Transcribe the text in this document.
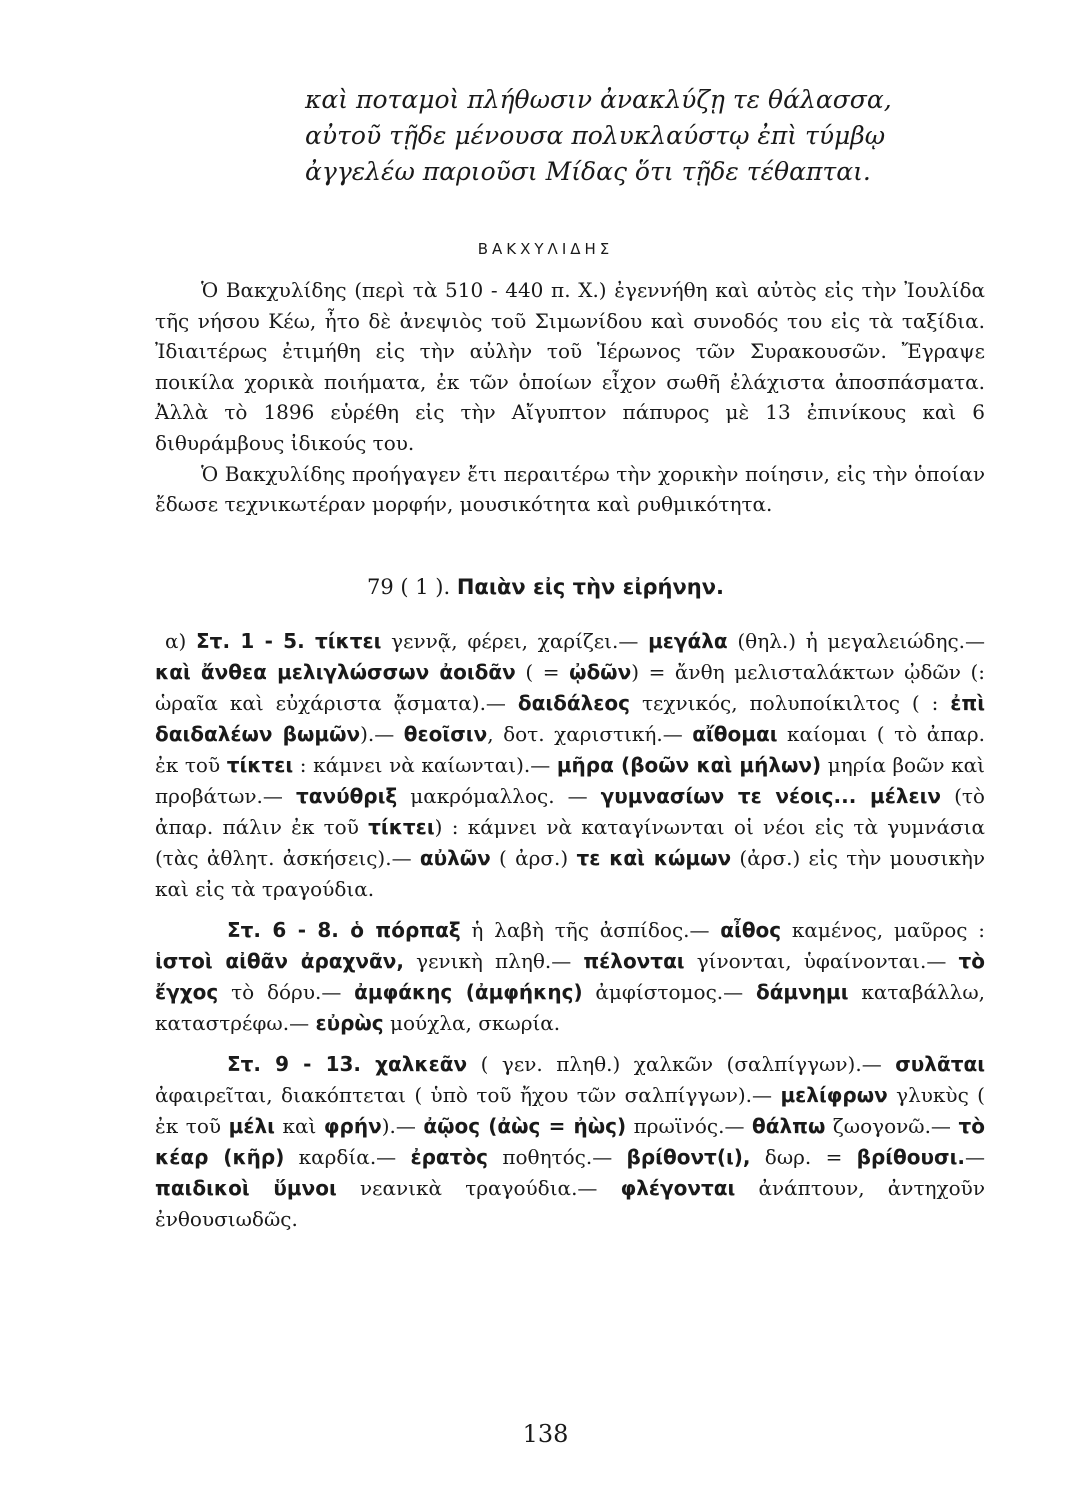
καὶ ποταμοὶ πλήθωσιν ἀνακλύζῃ τε θάλασσα,
αὐτοῦ τῇδε μένουσα πολυκλαύστῳ ἐπὶ τύμβῳ
ἀγγελέω παριοῦσι Μίδας ὅτι τῇδε τέθαπται.
ΒΑΚΧΥΛΙΔΗΣ

Ὁ Βακχυλίδης (περὶ τὰ 510 - 440 π. Χ.) ἐγεννήθη καὶ αὐτὸς εἰς τὴν Ἰουλίδα τῆς νήσου Κέω, ἦτο δὲ ἀνεψιὸς τοῦ Σιμωνίδου καὶ συνοδός του εἰς τὰ ταξίδια. Ἰδιαιτέρως ἐτιμήθη εἰς τὴν αὐλὴν τοῦ Ἱέρωνος τῶν Συρακουσῶν. Ἔγραψε ποικίλα χορικὰ ποιήματα, ἐκ τῶν ὁποίων εἶχον σωθῆ ἐλάχιστα ἀποσπάσματα. Ἀλλὰ τὸ 1896 εὑρέθη εἰς τὴν Αἴγυπτον πάπυρος μὲ 13 ἐπινίκους καὶ 6 διθυράμβους ἰδικούς του.

Ὁ Βακχυλίδης προήγαγεν ἔτι περαιτέρω τὴν χορικὴν ποίησιν, εἰς τὴν ὁποίαν ἔδωσε τεχνικωτέραν μορφήν, μουσικότητα καὶ ρυθμικότητα.

79 ( 1 ). Παιὰν εἰς τὴν εἰρήνην.

α) Στ. 1 - 5. τίκτει γεννᾷ, φέρει, χαρίζει.— μεγάλα (θηλ.) ἡ μεγαλειώδης.— καὶ ἄνθεα μελιγλώσσων ἀοιδᾶν ( = ᾠδῶν) = ἄνθη μελισταλάκτων ᾠδῶν (: ὡραῖα καὶ εὐχάριστα ᾄσματα).— δαιδάλεος τεχνικός, πολυποίκιλτος ( : ἐπὶ δαιδαλέων βωμῶν).— θεοῖσιν, δοτ. χαριστική.— αἴθομαι καίομαι ( τὸ ἀπαρ. ἐκ τοῦ τίκτει : κάμνει νὰ καίωνται).— μῆρα (βοῶν καὶ μήλων) μηρία βοῶν καὶ προβάτων.— τανύθριξ μακρόμαλλος. — γυμνασίων τε νέοις... μέλειν (τὸ ἀπαρ. πάλιν ἐκ τοῦ τίκτει) : κάμνει νὰ καταγίνωνται οἱ νέοι εἰς τὰ γυμνάσια (τὰς ἀθλητ. ἀσκήσεις).— αὐλῶν ( ἀρσ.) τε καὶ κώμων (ἀρσ.) εἰς τὴν μουσικὴν καὶ εἰς τὰ τραγούδια.

Στ. 6 - 8. ὁ πόρπαξ ἡ λαβὴ τῆς ἀσπίδος.— αἶθος καμένος, μαῦρος : ἱστοὶ αἰθᾶν ἀραχνᾶν, γενικὴ πληθ.— πέλονται γίνονται, ὑφαίνονται.— τὸ ἔγχος τὸ δόρυ.— ἀμφάκης (ἀμφήκης) ἀμφίστομος.— δάμνημι καταβάλλω, καταστρέφω.— εὐρὼς μούχλα, σκωρία.

Στ. 9 - 13. χαλκεᾶν ( γεν. πληθ.) χαλκῶν (σαλπίγγων).— συλᾶται ἀφαιρεῖται, διακόπτεται ( ὑπὸ τοῦ ἤχου τῶν σαλπίγγων).— μελίφρων γλυκὺς ( ἐκ τοῦ μέλι καὶ φρήν).— ἀῷος (ἀὼς = ἠὼς) πρωϊνός.— θάλπω ζωογονῶ.— τὸ κέαρ (κῆρ) καρδία.— ἐρατὸς ποθητός.— βρίθοντ(ι), δωρ. = βρίθουσι.— παιδικοὶ ὕμνοι νεανικὰ τραγούδια.— φλέγονται ἀνάπτουν, ἀντηχοῦν ἐνθουσιωδῶς.

138
